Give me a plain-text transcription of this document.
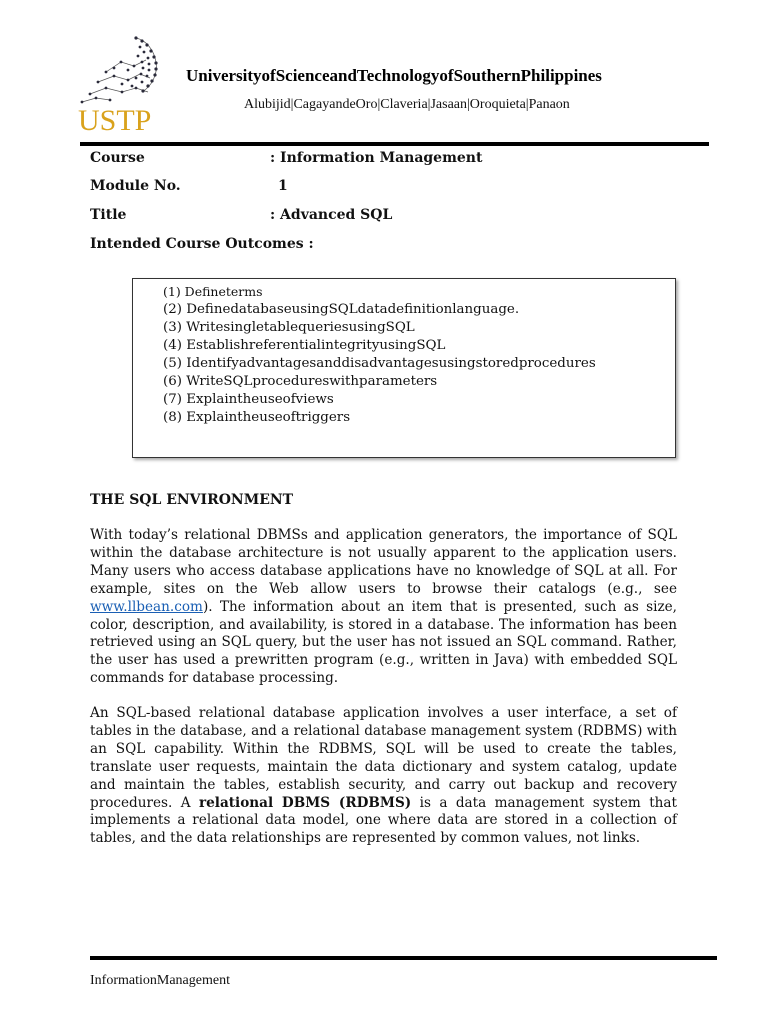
USTP
UniversityofScienceandTechnologyofSouthernPhilippines
Alubijid|CagayandeOro|Claveria|Jasaan|Oroquieta|Panaon
Course	: Information Management
Module No.	1
Title	: Advanced SQL
Intended Course Outcomes :
(1) Defineterms
(2) DefinedatabaseusingSQLdatadefinitionlanguage.
(3) WritesingletablequeriesusingSQL
(4) EstablishreferentialintegrityusingSQL
(5) Identifyadvantagesanddisadvantagesusingstoredprocedures
(6) WriteSQLprocedureswithparameters
(7) Explaintheuseofviews
(8) Explaintheuseoftriggers
THE SQL ENVIRONMENT

With today’s relational DBMSs and application generators, the importance of SQL within the database architecture is not usually apparent to the application users. Many users who access database applications have no knowledge of SQL at all. For example, sites on the Web allow users to browse their catalogs (e.g., see www.llbean.com). The information about an item that is presented, such as size, color, description, and availability, is stored in a database. The information has been retrieved using an SQL query, but the user has not issued an SQL command. Rather, the user has used a prewritten program (e.g., written in Java) with embedded SQL commands for database processing.

An SQL-based relational database application involves a user interface, a set of tables in the database, and a relational database management system (RDBMS) with an SQL capability. Within the RDBMS, SQL will be used to create the tables, translate user requests, maintain the data dictionary and system catalog, update and maintain the tables, establish security, and carry out backup and recovery procedures. A relational DBMS (RDBMS) is a data management system that implements a relational data model, one where data are stored in a collection of tables, and the data relationships are represented by common values, not links.

InformationManagement
